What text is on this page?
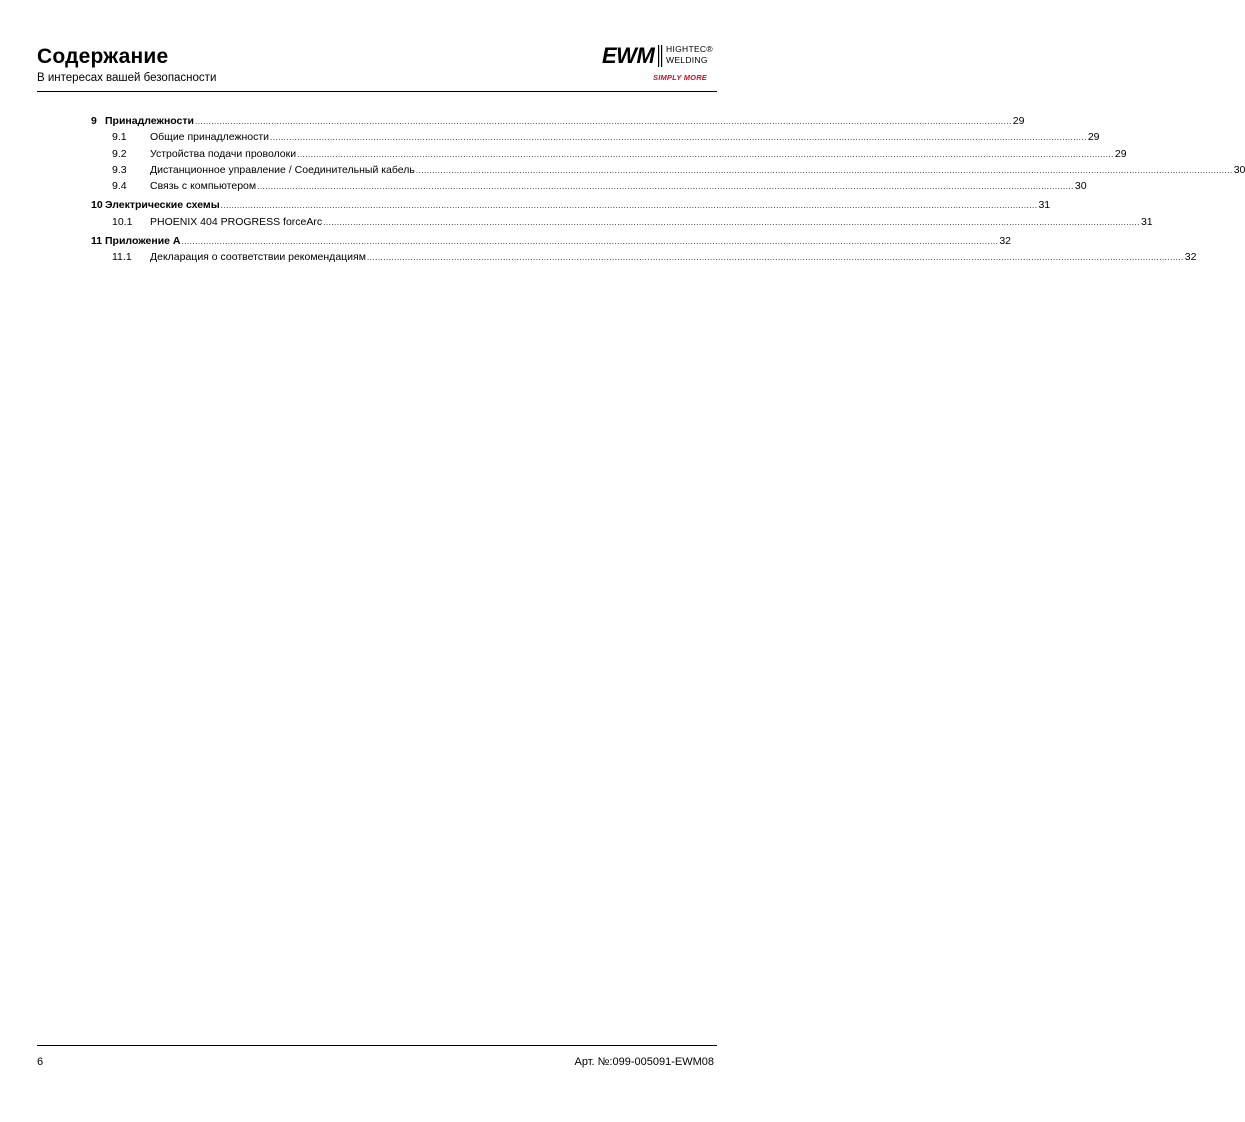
Содержание
В интересах вашей безопасности
EWM HIGHTEC®
WELDING
SIMPLY MORE
9 Принадлежности ............................................................................................................................................................................................................................................................................................................ 29
9.1	Общие принадлежности ............................................................................................................................................................................................................................................................................................................ 29
9.2	Устройства подачи проволоки ............................................................................................................................................................................................................................................................................................................ 29
9.3	Дистанционное управление / Соединительный кабель ............................................................................................................................................................................................................................................................................................................ 30
9.4	Связь с компьютером ............................................................................................................................................................................................................................................................................................................ 30
10 Электрические схемы ............................................................................................................................................................................................................................................................................................................ 31
10.1	PHOENIX 404 PROGRESS forceArc ............................................................................................................................................................................................................................................................................................................ 31
11 Приложение A ............................................................................................................................................................................................................................................................................................................ 32
11.1	Декларация о соответствии рекомендациям ............................................................................................................................................................................................................................................................................................................ 32
6	Арт. №:099-005091-EWM08
